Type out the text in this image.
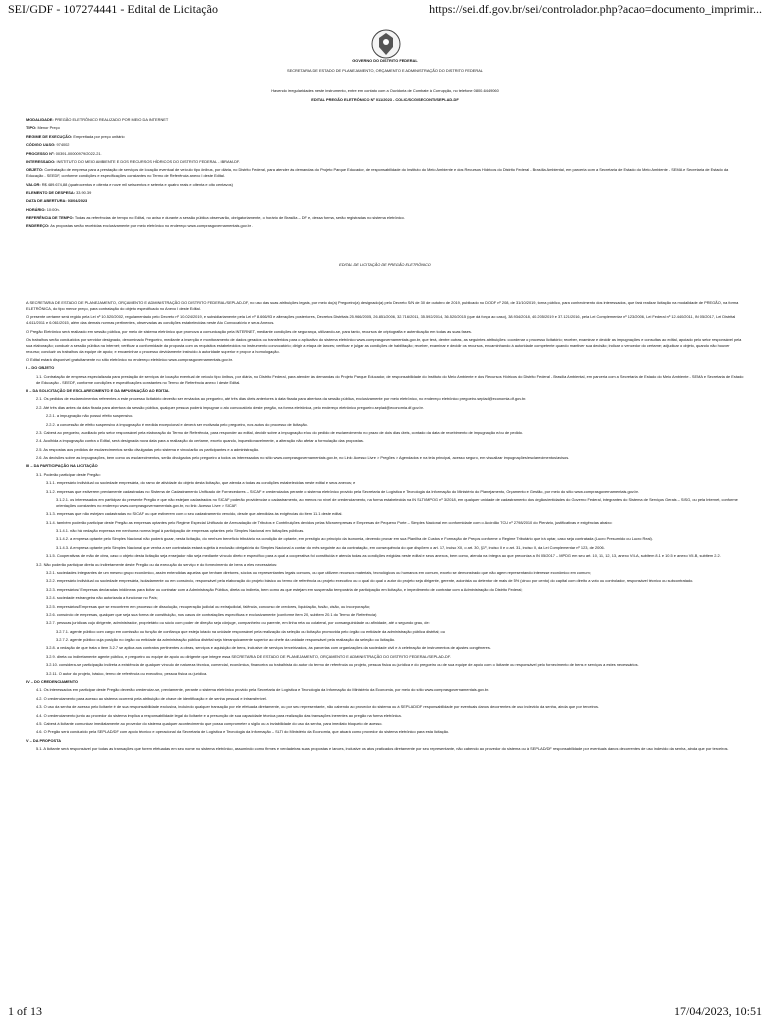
SEI/GDF - 107274441 - Edital de Licitação	https://sei.df.gov.br/sei/controlador.php?acao=documento_imprimir...

GOVERNO DO DISTRITO FEDERAL

SECRETARIA DE ESTADO DE PLANEJAMENTO, ORÇAMENTO E ADMINISTRAÇÃO DO DISTRITO FEDERAL

Havendo irregularidades neste instrumento, entre em contato com a Ouvidoria de Combate à Corrupção, no telefone 0800-6449060

EDITAL PREGÃO ELETRÔNICO Nº 011/2023 - COLIC/SCG/SECONTI/SEPLAD-DF

MODALIDADE: PREGÃO ELETRÔNICO REALIZADO POR MEIO DA INTERNET

TIPO: Menor Preço

REGIME DE EXECUÇÃO: Empreitada por preço unitário

CÓDIGO UASG: 974002

PROCESSO Nº: 00391-00000979/2022-21.

INTERESSADO: INSTITUTO DO MEIO AMBIENTE E DOS RECURSOS HÍDRICOS DO DISTRITO FEDERAL - IBRAM-DF.

OBJETO: Contratação de empresa para a prestação de serviços de locação eventual de veículo tipo ônibus, por diária, no Distrito Federal, para atender às demandas do Projeto Parque Educador, de responsabilidade do Instituto do Meio Ambiente e dos Recursos Hídricos do Distrito Federal - Brasília Ambiental, em parceria com a Secretaria de Estado do Meio Ambiente - SEMA e Secretaria de Estado da Educação - SEEDF, conforme condições e especificações constantes no Termo de Referência anexo I deste Edital.

VALOR: R$ 489.674,88 (quatrocentos e oitenta e nove mil seiscentos e setenta e quatro reais e oitenta e oito centavos)

ELEMENTO DE DESPESA: 33.90.39

DATA DE ABERTURA: 03/04/2023

HORÁRIO: 10:00h.

REFERÊNCIA DE TEMPO: Todas as referências de tempo no Edital, no aviso e durante a sessão pública observarão, obrigatoriamente, o horário de Brasília – DF e, dessa forma, serão registradas no sistema eletrônico.

ENDEREÇO: As propostas serão recebidas exclusivamente por meio eletrônico no endereço www.comprasgovernamentais.gov.br .

EDITAL DE LICITAÇÃO DE PREGÃO ELETRÔNICO

A SECRETARIA DE ESTADO DE PLANEJAMENTO, ORÇAMENTO E ADMINISTRAÇÃO DO DISTRITO FEDERAL/SEPLAD-DF, no uso das suas atribuições legais, por meio do(a) Pregoeiro(a) designado(a) pelo Decreto S/N de 30 de outubro de 2019, publicado no DODF nº 208, de 31/10/2019, torna público, para conhecimento dos interessados, que fará realizar licitação na modalidade de PREGÃO, na forma ELETRÔNICA, do tipo menor preço, para contratação do objeto especificado no Anexo I deste Edital.

O presente certame será regido pela Lei nº 10.520/2002, regulamentado pelo Decreto nº 10.024/2019, e subsidiariamente pela Lei nº 8.666/93 e alterações posteriores, Decretos Distritais 25.966/2005, 26.851/2006, 32.716/2011, 35.592/2014, 36.520/2015 (que dá força ao caso), 38.934/2018, 40.205/2019 e 37.121/2016, pela Lei Complementar nº 123/2006, Lei Federal nº 12.440/2011, IN 05/2017, Lei Distrital 4.611/2011 e 6.061/2015, além das demais normas pertinentes, observadas as condições estabelecidas neste Ato Convocatório e seus Anexos.

O Pregão Eletrônico será realizado em sessão pública, por meio de sistema eletrônico que promova a comunicação pela INTERNET, mediante condições de segurança, utilizando-se, para tanto, recursos de criptografia e autenticação em todas as suas fases.

Os trabalhos serão conduzidos por servidor designado, denominado Pregoeiro, mediante a inserção e monitoramento de dados gerados ou transferidos para o aplicativo do sistema eletrônico www.comprasgovernamentais.gov.br, que terá, dentre outras, as seguintes atribuições: coordenar o processo licitatório; receber, examinar e decidir as impugnações e consultas ao edital, apoiado pelo setor responsável pela sua elaboração; conduzir a sessão pública na internet; verificar a conformidade da proposta com os requisitos estabelecidos no instrumento convocatório; dirigir a etapa de lances; verificar e julgar as condições de habilitação; receber, examinar e decidir os recursos, encaminhando à autoridade competente quando mantiver sua decisão; indicar o vencedor do certame; adjudicar o objeto, quando não houver recurso; conduzir os trabalhos da equipe de apoio; e encaminhar o processo devidamente instruído à autoridade superior e propor a homologação.

O Edital estará disponível gratuitamente no sítio eletrônico no endereço eletrônico www.comprasgovernamentais.gov.br.

I – DO OBJETO

1.1. Contratação de empresa especializada para prestação de serviços de locação eventual de veículo tipo ônibus, por diária, no Distrito Federal, para atender às demandas do Projeto Parque Educador, de responsabilidade do Instituto do Meio Ambiente e dos Recursos Hídricos do Distrito Federal - Brasília Ambiental, em parceria com a Secretaria de Estado do Meio Ambiente - SEMA e Secretaria de Estado de Educação - SEEDF, conforme condições e especificações constantes no Termo de Referência anexo I deste Edital.

II – DA SOLICITAÇÃO DE ESCLARECIMENTO E DA IMPUGNAÇÃO AO EDITAL

2.1. Os pedidos de esclarecimentos referentes a este processo licitatório deverão ser enviados ao pregoeiro, até três dias úteis anteriores à data fixada para abertura da sessão pública, exclusivamente por meio eletrônico, no endereço eletrônico pregoeiro.seplad@economia.df.gov.br.

2.2. Até três dias antes da data fixada para abertura da sessão pública, qualquer pessoa poderá impugnar o ato convocatório deste pregão, na forma eletrônica, pelo endereço eletrônico pregoeiro.seplad@economia.df.gov.br.

2.2.1. a impugnação não possui efeito suspensivo.

2.2.2. a concessão de efeito suspensivo à impugnação é medida excepcional e deverá ser motivada pelo pregoeiro, nos autos do processo de licitação.

2.3. Caberá ao pregoeiro, auxiliado pelo setor responsável pela elaboração do Termo de Referência, para responder ao edital, decidir sobre a impugnação e/ou do pedido de esclarecimento no prazo de dois dias úteis, contado da data de recebimento de impugnação e/ou de pedido.

2.4. Acolhida a impugnação contra o Edital, será designada nova data para a realização do certame, exceto quando, inquestionavelmente, a alteração não afetar a formulação das propostas.

2.5. As respostas aos pedidos de esclarecimentos serão divulgadas pelo sistema e vincularão os participantes e a administração.

2.6. As decisões sobre as impugnações, bem como os esclarecimentos, serão divulgados pelo pregoeiro a todos os interessados no sítio www.comprasgovernamentais.gov.br, no Link: Acesso Livre > Pregões > Agendados e na tela principal, acesso seguro, em visualizar impugnações/esclarecimentos/avisos.

III – DA PARTICIPAÇÃO NA LICITAÇÃO

3.1. Poderão participar deste Pregão:

3.1.1. empresário individual ou sociedade empresária, do ramo de atividade do objeto desta licitação, que atenda a todas as condições estabelecidas neste edital e seus anexos; e

3.1.2. empresas que estiverem previamente cadastradas no Sistema de Cadastramento Unificado de Fornecedores – SICAF e credenciados perante o sistema eletrônico provido pela Secretaria de Logística e Tecnologia da Informação do Ministério do Planejamento, Orçamento e Gestão, por meio do sítio www.comprasgovernamentais.gov.br.

3.1.2.1. os interessados em participar do presente Pregão e que não estejam cadastrados no SICAF poderão providenciar o cadastramento, ao menos no nível de credenciamento, na forma estabelecida na IN SLTI/MPOG nº 3/2018, em qualquer unidade de cadastramento dos órgãos/entidades do Governo Federal, integrantes do Sistema de Serviços Gerais – SISG, ou pela Internet, conforme orientações constantes no endereço www.comprasgovernamentais.gov.br, no link: Acesso Livre > SICAF.

3.1.3. empresas que não estejam cadastradas no SICAF ou que estiverem com o seu cadastramento vencido, desde que atendidas às exigências do item 11.1 deste edital.

3.1.4. também poderão participar deste Pregão as empresas optantes pelo Regime Especial Unificado de Arrecadação de Tributos e Contribuições devidos pelas Microempresas e Empresas de Pequeno Porte – Simples Nacional em conformidade com o Acórdão TCU nº 2798/2010 do Plenário, justificativas e exigências abaixo:

3.1.4.1. não há vedação expressa em nenhuma norma legal à participação de empresas optantes pelo Simples Nacional em licitações públicas.

3.1.4.2. a empresa optante pelo Simples Nacional não poderá gozar, nesta licitação, do nenhum benefício tributário na condição de optante, em prestígio ao princípio da isonomia, devendo provar em sua Planilha de Custos e Formação de Preços conforme o Regime Tributário que irá optar, caso seja contratada (Lucro Presumido ou Lucro Real).

3.1.4.3. A empresa optante pelo Simples Nacional que venha a ser contratada estará sujeita à exclusão obrigatória do Simples Nacional a contar do mês seguinte ao da contratação, em consequência do que dispõem o art. 17, inciso XII, o art. 30, §1º, inciso II e o art. 31, inciso II, da Lei Complementar nº 123, de 2006.

3.1.5. Cooperativas de mão de obra, caso o objeto desta licitação seja ensejador não seja mediante vínculo direto e específico para a qual a cooperativa foi constituída e atenda todas as condições exigidas neste edital e seus anexos, bem como, atenda na íntegra ao que preconiza a IN 05/2017 – MPDG em seu art. 10, 11, 12, 13, anexo VII-A, subitem 8.1 e 10.5 e anexo VII-B, subitem 2.2.

3.2. Não poderão participar direta ou indiretamente deste Pregão ou da execução do serviço e do fornecimento de bens a eles necessários:

3.2.1. sociedades integrantes de um mesmo grupo econômico, assim entendidas aquelas que tenham diretores, sócios ou representantes legais comuns, ou que utilizem recursos materiais, tecnológicos ou humanos em comum, exceto se demonstrado que não agem representando interesse econômico em comum;

3.2.2. empresário individual ou sociedade empresária, isoladamente ou em consórcio, responsável pela elaboração do projeto básico ou termo de referência ou projeto executivo ou o qual do qual o autor do projeto seja dirigente, gerente, acionista ou detentor de mais de 5% (cinco por cento) do capital com direito a voto ou controlador, responsável técnico ou subcontratado.

3.2.3. empresários/ Empresas declaradas inidôneas para licitar ou contratar com a Administração Pública, direta ou indireta, bem como as que estejam em suspensão temporária de participação em licitação, e impedimento de contratar com a Administração do Distrito Federal;

3.2.4. sociedade estrangeira não autorizada a funcionar no País;

3.2.5. empresários/Empresas que se encontrem em processo de dissolução, recuperação judicial ou extrajudicial, falência, concurso de credores, liquidação, fusão, cisão, ou incorporação;

3.2.6. consórcio de empresas, qualquer que seja sua forma de constituição, nos casos de contratações específicas e exclusivamente (conforme item 20, subitem 20.1 do Termo de Referência)

3.2.7. pessoas jurídicas cujo dirigente, administrador, proprietário ou sócio com poder de direção seja cônjuge, companheiro ou parente, em linha reta ou colateral, por consanguinidade ou afinidade, até o segundo grau, de:

3.2.7.1. agente público com cargo em comissão ou função de confiança que esteja lotado na unidade responsável pela realização da seleção ou licitação promovida pelo órgão ou entidade da administração pública distrital; ou

3.2.7.2. agente público cuja posição no órgão ou entidade da administração pública distrital seja hierarquicamente superior ao chefe da unidade responsável pela realização da seleção ou licitação.

3.2.8. a vedação de que trata o item 3.2.7 se aplica aos contratos pertinentes a obras, serviços e aquisição de bens, inclusive de serviços terceirizados, às parcerias com organizações da sociedade civil e à celebração de instrumentos de ajustes congêneres.

3.2.9. direta ou indiretamente agente público, e pregoeiro ou equipe de apoio ou dirigente que integre essa SECRETARIA DE ESTADO DE PLANEJAMENTO, ORÇAMENTO E ADMINISTRAÇÃO DO DISTRITO FEDERAL/SEPLAD-DF.

3.2.10. considera-se participação indireta a existência de qualquer vínculo de natureza técnica, comercial, econômica, financeira ou trabalhista do autor do termo de referência ou projeto, pessoa física ou jurídica e do pregoeiro ou de sua equipe de apoio com o licitante ou responsável pelo fornecimento de bens e serviços a estes necessários.

3.2.11. O autor do projeto, básico, termo de referência ou executivo, pessoa física ou jurídica.

IV – DO CREDENCIAMENTO

4.1. Os interessados em participar deste Pregão deverão credenciar-se, previamente, perante o sistema eletrônico provido pela Secretaria de Logística e Tecnologia da Informação do Ministério da Economia, por meio do sítio www.comprasgovernamentais.gov.br.

4.2. O credenciamento para acesso ao sistema ocorrerá pela atribuição de chave de identificação e de senha pessoal e intransferível.

4.3. O uso da senha de acesso pelo licitante é de sua responsabilidade exclusiva, incluindo qualquer transação por ele efetuada diretamente, ou por seu representante, não cabendo ao provedor do sistema ou à SEPLAD/DF responsabilidade por eventuais danos decorrentes de uso indevido da senha, ainda que por terceiros.

4.4. O credenciamento junto ao provedor do sistema implica a responsabilidade legal do licitante e a presunção de sua capacidade técnica para realização das transações inerentes ao pregão na forma eletrônica.

4.5. Caberá à licitante comunicar imediatamente ao provedor do sistema qualquer acontecimento que possa comprometer o sigilo ou a inviabilidade do uso da senha, para imediato bloqueio de acesso.

4.6. O Pregão será conduzido pela SEPLAD/DF com apoio técnico e operacional da Secretaria de Logística e Tecnologia da Informação – SLTI do Ministério da Economia, que atuará como provedor do sistema eletrônico para esta licitação.

V – DA PROPOSTA

5.1. A licitante será responsável por todas as transações que forem efetuadas em seu nome no sistema eletrônico, assumindo como firmes e verdadeiras suas propostas e lances, inclusive os atos praticados diretamente por seu representante, não cabendo ao provedor do sistema ou à SEPLAD/DF responsabilidade por eventuais danos decorrentes de uso indevido da senha, ainda que por terceiros.

1 of 13	17/04/2023, 10:51
